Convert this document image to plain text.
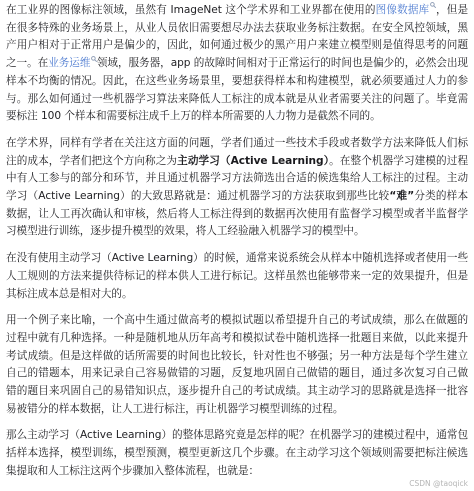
在工业界的图像标注领域，虽然有 ImageNet 这个学术界和工业界都在使用的图像数据库 ，但是在很多特殊的业务场景上，从业人员依旧需要想尽办法去获取业务标注数据。在安全风控领域，黑产用户相对于正常用户是偏少的，因此，如何通过极少的黑产用户来建立模型则是值得思考的问题之一。在业务运维 领域，服务器，app 的故障时间相对于正常运行的时间也是偏少的，必然会出现样本不均衡的情况。因此，在这些业务场景里，要想获得样本和构建模型，就必须要通过人力的参与。那么如何通过一些机器学习算法来降低人工标注的成本就是从业者需要关注的问题了。毕竟需要标注 100 个样本和需要标注成千上万的样本所需要的人力物力是截然不同的。

在学术界，同样有学者在关注这方面的问题，学者们通过一些技术手段或者数学方法来降低人们标注的成本，学者们把这个方向称之为主动学习（Active Learning）。在整个机器学习建模的过程中有人工参与的部分和环节，并且通过机器学习方法筛选出合适的候选集给人工标注的过程。主动学习（Active Learning）的大致思路就是：通过机器学习的方法获取到那些比较“难”分类的样本数据，让人工再次确认和审核，然后将人工标注得到的数据再次使用有监督学习模型或者半监督学习模型进行训练，逐步提升模型的效果，将人工经验融入机器学习的模型中。

在没有使用主动学习（Active Learning）的时候，通常来说系统会从样本中随机选择或者使用一些人工规则的方法来提供待标记的样本供人工进行标记。这样虽然也能够带来一定的效果提升，但是其标注成本总是相对大的。

用一个例子来比喻，一个高中生通过做高考的模拟试题以希望提升自己的考试成绩，那么在做题的过程中就有几种选择。一种是随机地从历年高考和模拟试卷中随机选择一批题目来做，以此来提升考试成绩。但是这样做的话所需要的时间也比较长，针对性也不够强；另一种方法是每个学生建立自己的错题本，用来记录自己容易做错的习题，反复地巩固自己做错的题目，通过多次复习自己做错的题目来巩固自己的易错知识点，逐步提升自己的考试成绩。其主动学习的思路就是选择一批容易被错分的样本数据，让人工进行标注，再让机器学习模型训练的过程。

那么主动学习（Active Learning）的整体思路究竟是怎样的呢？在机器学习的建模过程中，通常包括样本选择，模型训练，模型预测，模型更新这几个步骤。在主动学习这个领域则需要把标注候选集提取和人工标注这两个步骤加入整体流程，也就是：

CSDN @taoqick
